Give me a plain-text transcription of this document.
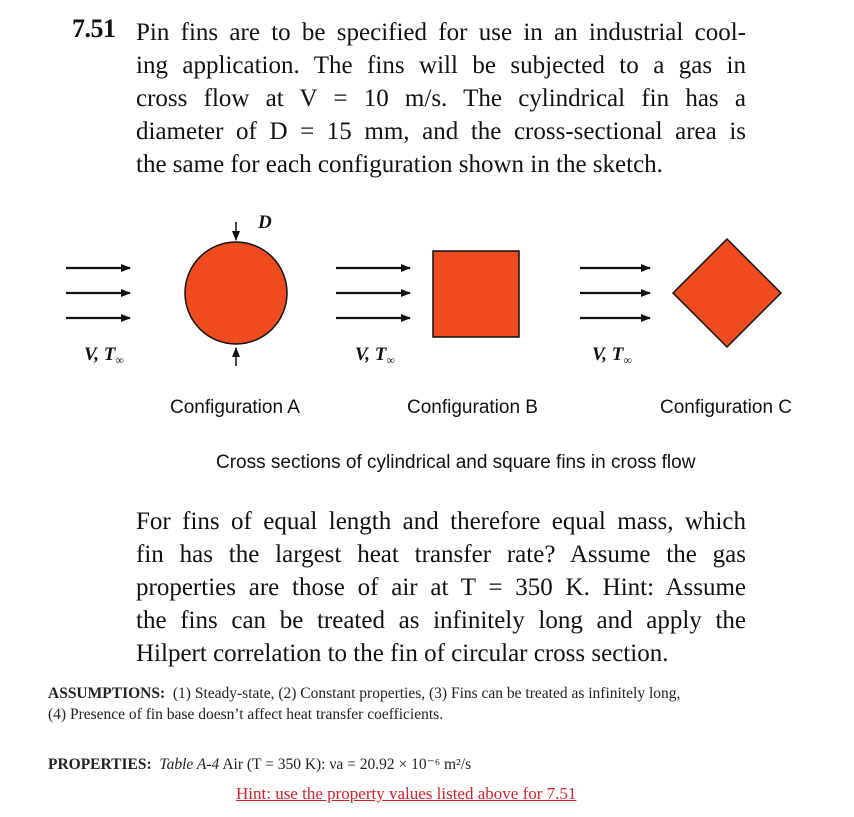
7.51 Pin fins are to be specified for use in an industrial cool-
ing application. The fins will be subjected to a gas in
cross flow at V = 10 m/s. The cylindrical fin has a
diameter of D = 15 mm, and the cross-sectional area is
the same for each configuration shown in the sketch.
D
V, $T_\infty$	V, $T_\infty$	V, $T_\infty$
Configuration A	Configuration B	Configuration C
Cross sections of cylindrical and square fins in cross flow
For fins of equal length and therefore equal mass, which
fin has the largest heat transfer rate? Assume the gas
properties are those of air at T = 350 K. Hint: Assume
the fins can be treated as infinitely long and apply the
Hilpert correlation to the fin of circular cross section.
ASSUMPTIONS: (1) Steady-state, (2) Constant properties, (3) Fins can be treated as infinitely long,
(4) Presence of fin base doesn’t affect heat transfer coefficients.
PROPERTIES: Table A-4 Air (T = 350 K): νa = 20.92 × 10⁻⁶ m²/s
Hint: use the property values listed above for 7.51
